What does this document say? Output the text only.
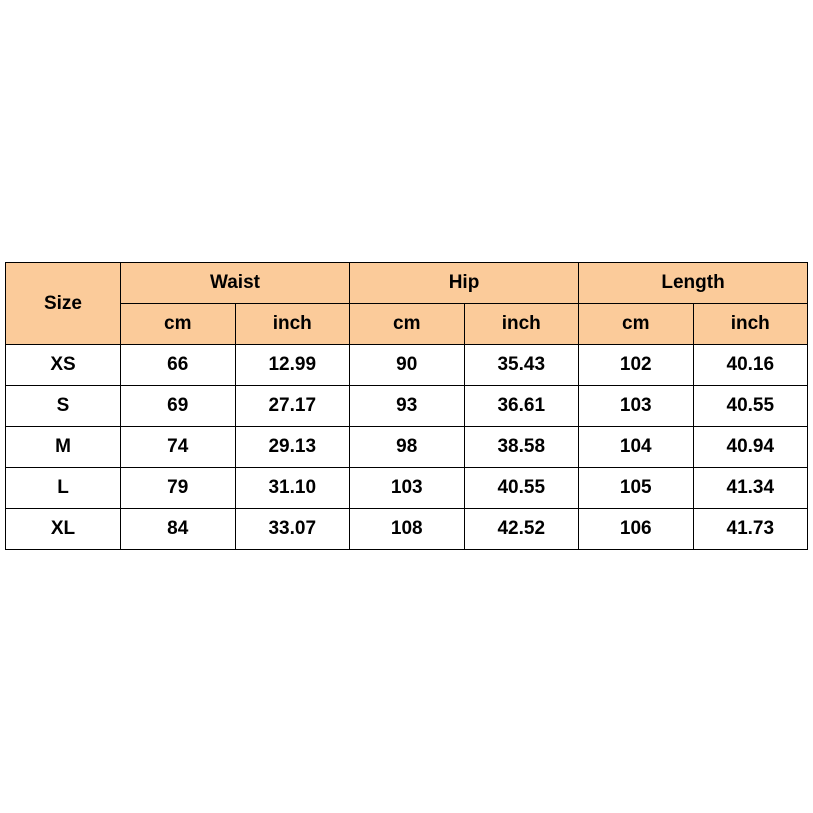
Size	Waist		Hip		Length	
	cm	inch	cm	inch	cm	inch
XS	66	12.99	90	35.43	102	40.16
S	69	27.17	93	36.61	103	40.55
M	74	29.13	98	38.58	104	40.94
L	79	31.10	103	40.55	105	41.34
XL	84	33.07	108	42.52	106	41.73
